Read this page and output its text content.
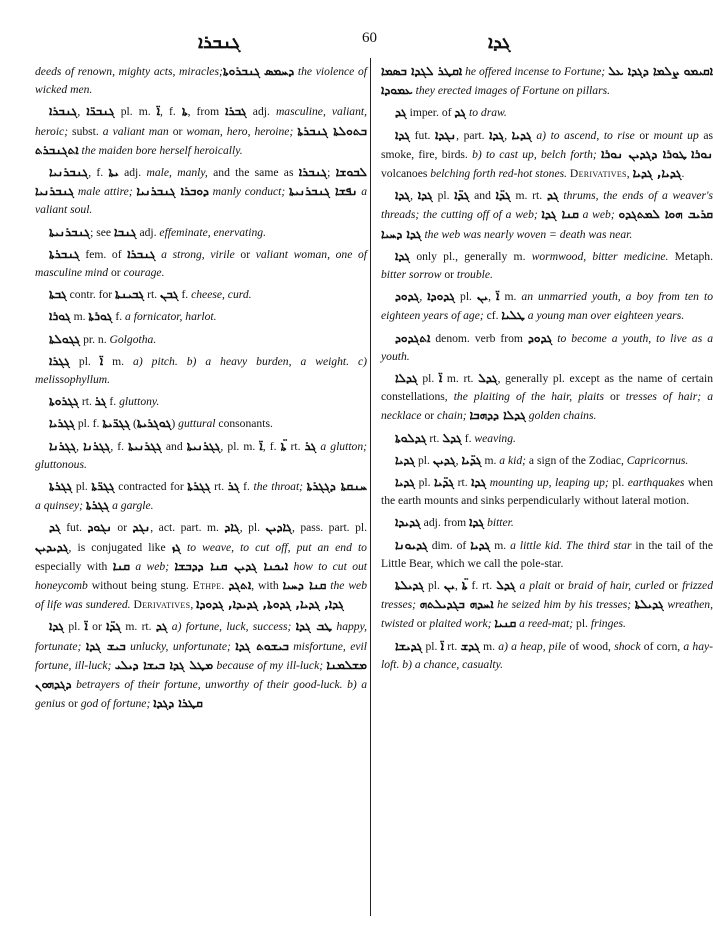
ܓܢܒܪܐ	60	ܓܕܐ

deeds of renown, mighty acts, miracles;ܓܢܒܪܘܬܐ ܕܚܡܣ the violence of wicked men.

ܓܢܒܪܐ, ܓܢܒܪ̈ܐ pl. m. ܐ̈, f. ܬܐ, from ܓܒܪܐ adj. masculine, valiant, heroic; subst. a valiant man or woman, hero, heroine; ܒܬܘܠܬܐ ܓܢܒܪܬܐ ܐܬܓܢܒܪܬ the maiden bore herself heroically.

ܓܢܒܪܢܝܐ, f. ܝܬܐ adj. male, manly, and the same as ܓܢܒܪܐ; ܠܒܘܫܐ ܓܢܒܪܢܝܐ male attire; ܕܘܒܪܐ ܓܢܒܪܢܝܐ manly conduct; ܢܦܫܐ ܓܢܒܪܢܝܬܐ a valiant soul.

ܓܢܒܪܢܝܬܐ; see ܓܢܒܐ adj. effeminate, enervating.

ܓܢܒܪܬܐ fem. of ܓܢܒܪܐ a strong, virile or valiant woman, one of masculine mind or courage.

ܓܒܬܐ contr. for ܓܒܝܢܬܐ rt. ܓܒܢ f. cheese, curd.

ܓܘܪܐ m. ܓܘܪܬܐ f. a fornicator, harlot.

ܓܓܘܠܬܐ pr. n. Golgotha.

ܓܓܪܐ pl. ܐ̈ m. a) pitch. b) a heavy burden, a weight. c) melissophyllum.

ܓܓܪܘܬܐ rt. ܓܪ f. gluttony.

ܓܓܪܝܐ pl. f. ܓܓܪ̈ܝܬܐ (ܓܘܓܪܝܬܐ) guttural consonants.

ܓܓܪܢܐ, ܓܓܪܢܐ, f. ܓܓܪܢܝܬܐ and ܓܓܪܢܝܬܐ, pl. m. ܐ̈, f. ܬ̈ܐ rt. ܓܪ a glutton; gluttonous.

ܓܓܪܬܐ pl. ܓܓܪ̈ܬܐ contracted for ܓܓܪܬܐ rt. ܓܪ f. the throat; ܚܢܩܬܐ ܕܓܓܪܬܐ a quinsey; ܓܓܪܬܐ a gargle.

ܓܕ fut. ܢܓܘܕ or ܢܓܕ, act. part. m. ܓܐܕ, pl. ܓܐܕܝܢ, pass. part. pl. ܓܕܝܕܝܢ, is conjugated like ܓܙ to weave, to cut off, put an end to especially with ܩܢܐ a web; ܐܝܟܢܐ ܓܕܝܢ ܩܢܐ ܕܕܒܫܐ how to cut out honeycomb without being stung. Ethpe. ܐܬܓܕ, with ܩܢܐ ܕܚܝܐ the web of life was sundered. Derivatives, ܓܕܐ, ܓܕܝܐ, ܓܕܘܬܐ, ܓܕܝܕܐ, ܓܕܘܕܐ

ܓܕܐ pl. ܐ̈ or ܓܕ̈ܐ m. rt. ܓܕ a) fortune, luck, success; ܛܒ ܓܕܐ happy, fortunate; ܒܝܫ ܓܕܐ unlucky, unfortunate; ܒܝܫܘܬ ܓܕܐ misfortune, evil fortune, ill-luck; ܡܛܠ ܓܕܐ ܒܝܫܐ ܕܝܠܝ because of my ill-luck; ܡܫܠܡܢܐ ܕܓܕܗܘܢ betrayers of their fortune, unworthy of their good-luck. b) a genius or god of fortune; ܩܛܪܐ ܕܓܕܐ

ܐܩܛܪ ܠܓܕܐ ܒܣܡܐ he offered incense to Fortune; ܐܩܝܡܘ ܨܠܡܐ ܕܓܕܐ ܥܠ ܥܡܘܕܐ they erected images of Fortune on pillars.

ܓܕ imper. of ܓܕ to draw.

ܓܕܐ fut. ܢܓܕܐ, part. ܓܕܐ, ܓܕܝܐ a) to ascend, to rise or mount up as smoke, fire, birds. b) to cast up, belch forth; ܛܘܪܐ ܕܓܕܝܢ ܢܘܪܐ ܢܘܪܐ volcanoes belching forth red-hot stones. Derivatives, ܓܕܝܐ, ܓܕܝܐ.

ܓܕܐ, ܓܕܐ pl. ܓܕ̈ܐ and ܓܕ̈ܐ m. rt. ܓܕ thrums, the ends of a weaver's threads; the cutting off of a web; ܩܢܐ ܓܕܐ a web; ܩܪܝܒ ܗܘܐ ܠܡܬܓܕܘ ܓܕܐ ܕܚܝܐ the web was nearly woven = death was near.

ܓܕܐ only pl., generally m. wormwood, bitter medicine. Metaph. bitter sorrow or trouble.

ܓܕܘܕ, ܓܕܘܕܐ pl. ܝܢ, ܐ̈ m. an unmarried youth, a boy from ten to eighteen years of age; cf. ܛܠܝܐ a young man over eighteen years.

ܐܬܓܕܘܕ denom. verb from ܓܕܘܕ to become a youth, to live as a youth.

ܓܕܠܐ pl. ܐ̈ m. rt. ܓܕܠ, generally pl. except as the name of certain constellations, the plaiting of the hair, plaits or tresses of hair; a necklace or chain; ܓܕܠܐ ܕܕܗܒܐ golden chains.

ܓܕܠܘܬܐ rt. ܓܕܠ f. weaving.

ܓܕܝܐ pl. ܓܕܝܢ, ܓܕ̈ܝܐ m. a kid; a sign of the Zodiac, Capricornus.

ܓܕܝܐ pl. ܓܕ̈ܝܐ rt. ܓܕܐ mounting up, leaping up; pl. earthquakes when the earth mounts and sinks perpendicularly without lateral motion.

ܓܕܝܕܐ adj. from ܓܕܐ bitter.

ܓܕܝܘܢܐ dim. of ܓܕܝܐ m. a little kid. The third star in the tail of the Little Bear, which we call the pole-star.

ܓܕܝܠܬܐ pl. ܝܢ, ܬ̈ܐ f. rt. ܓܕܠ a plait or braid of hair, curled or frizzed tresses; ܐܚܕܗ ܒܓܕܝܠܬܗ he seized him by his tresses; ܓܕܝܠܬܐ wreathen, twisted or plaited work; ܩܢܝܐ a reed-mat; pl. fringes.

ܓܕܝܫܐ pl. ܐ̈ rt. ܓܕܫ m. a) a heap, pile of wood, shock of corn, a hay-loft. b) a chance, casualty.
